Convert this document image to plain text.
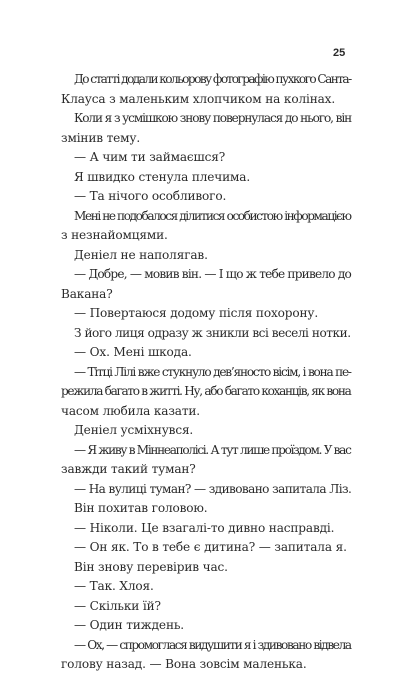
25
До статті додали кольорову фотографію пухкого Санта-
Клауса з маленьким хлопчиком на колінах.
Коли я з усмішкою знову повернулася до нього, він
змінив тему.
— А чим ти займаєшся?
Я швидко стенула плечима.
— Та нічого особливого.
Мені не подобалося ділитися особистою інформацією
з незнайомцями.
Деніел не наполягав.
— Добре, — мовив він. — І що ж тебе привело до
Вакана?
— Повертаюся додому після похорону.
З його лиця одразу ж зникли всі веселі нотки.
— Ох. Мені шкода.
— Тітці Лілі вже стукнуло дев’яносто вісім, і вона пе-
режила багато в житті. Ну, або багато коханців, як вона
часом любила казати.
Деніел усміхнувся.
— Я живу в Міннеаполісі. А тут лише проїздом. У вас
завжди такий туман?
— На вулиці туман? — здивовано запитала Ліз.
Він похитав головою.
— Ніколи. Це взагалі-то дивно насправді.
— Он як. То в тебе є дитина? — запитала я.
Він знову перевірив час.
— Так. Хлоя.
— Скільки їй?
— Один тиждень.
— Ох, — спромоглася видушити я і здивовано відвела
голову назад. — Вона зовсім маленька.
